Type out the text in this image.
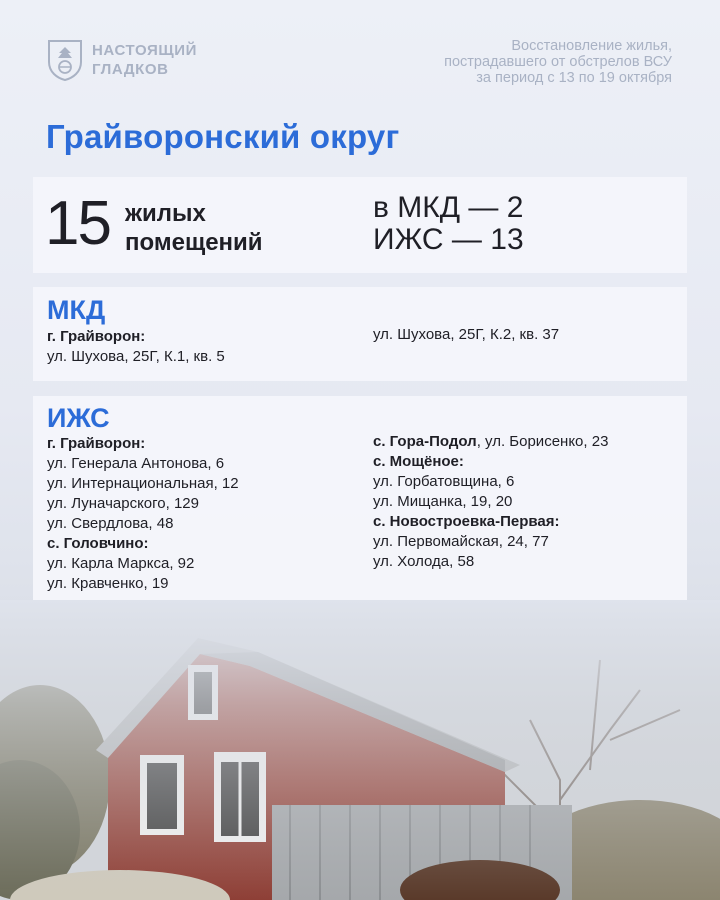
НАСТОЯЩИЙ
ГЛАДКОВ
Восстановление жилья,
пострадавшего от обстрелов ВСУ
за период с 13 по 19 октября
Грайворонский округ
15 жилых
помещений
в МКД — 2
ИЖС — 13
МКД
г. Грайворон:
ул. Шухова, 25Г, К.1, кв. 5
ул. Шухова, 25Г, К.2, кв. 37
ИЖС
г. Грайворон:
ул. Генерала Антонова, 6
ул. Интернациональная, 12
ул. Луначарского, 129
ул. Свердлова, 48
с. Головчино:
ул. Карла Маркса, 92
ул. Кравченко, 19
с. Гора-Подол, ул. Борисенко, 23
с. Мощёное:
ул. Горбатовщина, 6
ул. Мищанка, 19, 20
с. Новостроевка-Первая:
ул. Первомайская, 24, 77
ул. Холода, 58
